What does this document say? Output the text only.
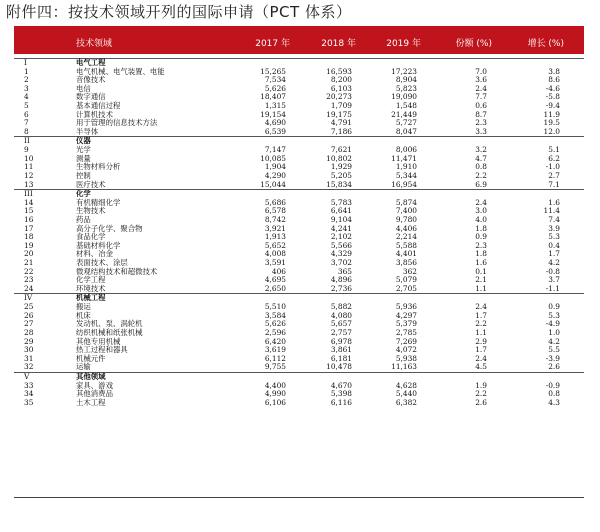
附件四：按技术领域开列的国际申请（PCT 体系）
技术领域	2017 年	2018 年	2019 年	份额 (%)	增长 (%)
I	电气工程
1	电气机械、电气装置、电能	15,265	16,593	17,223	7.0	3.8
2	音像技术	7,534	8,200	8,904	3.6	8.6
3	电信	5,626	6,103	5,823	2.4	-4.6
4	数字通信	18,407	20,273	19,090	7.7	-5.8
5	基本通信过程	1,315	1,709	1,548	0.6	-9.4
6	计算机技术	19,154	19,175	21,449	8.7	11.9
7	用于管理的信息技术方法	4,690	4,791	5,727	2.3	19.5
8	半导体	6,539	7,186	8,047	3.3	12.0
II	仪器
9	光学	7,147	7,621	8,006	3.2	5.1
10	测量	10,085	10,802	11,471	4.7	6.2
11	生物材料分析	1,904	1,929	1,910	0.8	-1.0
12	控制	4,290	5,205	5,344	2.2	2.7
13	医疗技术	15,044	15,834	16,954	6.9	7.1
III	化学
14	有机精细化学	5,686	5,783	5,874	2.4	1.6
15	生物技术	6,578	6,641	7,400	3.0	11.4
16	药品	8,742	9,104	9,780	4.0	7.4
17	高分子化学、聚合物	3,921	4,241	4,406	1.8	3.9
18	食品化学	1,913	2,102	2,214	0.9	5.3
19	基础材料化学	5,652	5,566	5,588	2.3	0.4
20	材料、冶金	4,008	4,329	4,401	1.8	1.7
21	表面技术、涂层	3,591	3,702	3,856	1.6	4.2
22	微观结构技术和超微技术	406	365	362	0.1	-0.8
23	化学工程	4,695	4,896	5,079	2.1	3.7
24	环境技术	2,650	2,736	2,705	1.1	-1.1
IV	机械工程
25	搬运	5,510	5,882	5,936	2.4	0.9
26	机床	3,584	4,080	4,297	1.7	5.3
27	发动机、泵、涡轮机	5,626	5,657	5,379	2.2	-4.9
28	纺织机械和纸张机械	2,596	2,757	2,785	1.1	1.0
29	其他专用机械	6,420	6,978	7,269	2.9	4.2
30	热工过程和器具	3,619	3,861	4,072	1.7	5.5
31	机械元件	6,112	6,181	5,938	2.4	-3.9
32	运输	9,755	10,478	11,163	4.5	2.6
V	其他领域
33	家具、游戏	4,400	4,670	4,628	1.9	-0.9
34	其他消费品	4,990	5,398	5,440	2.2	0.8
35	土木工程	6,106	6,116	6,382	2.6	4.3
